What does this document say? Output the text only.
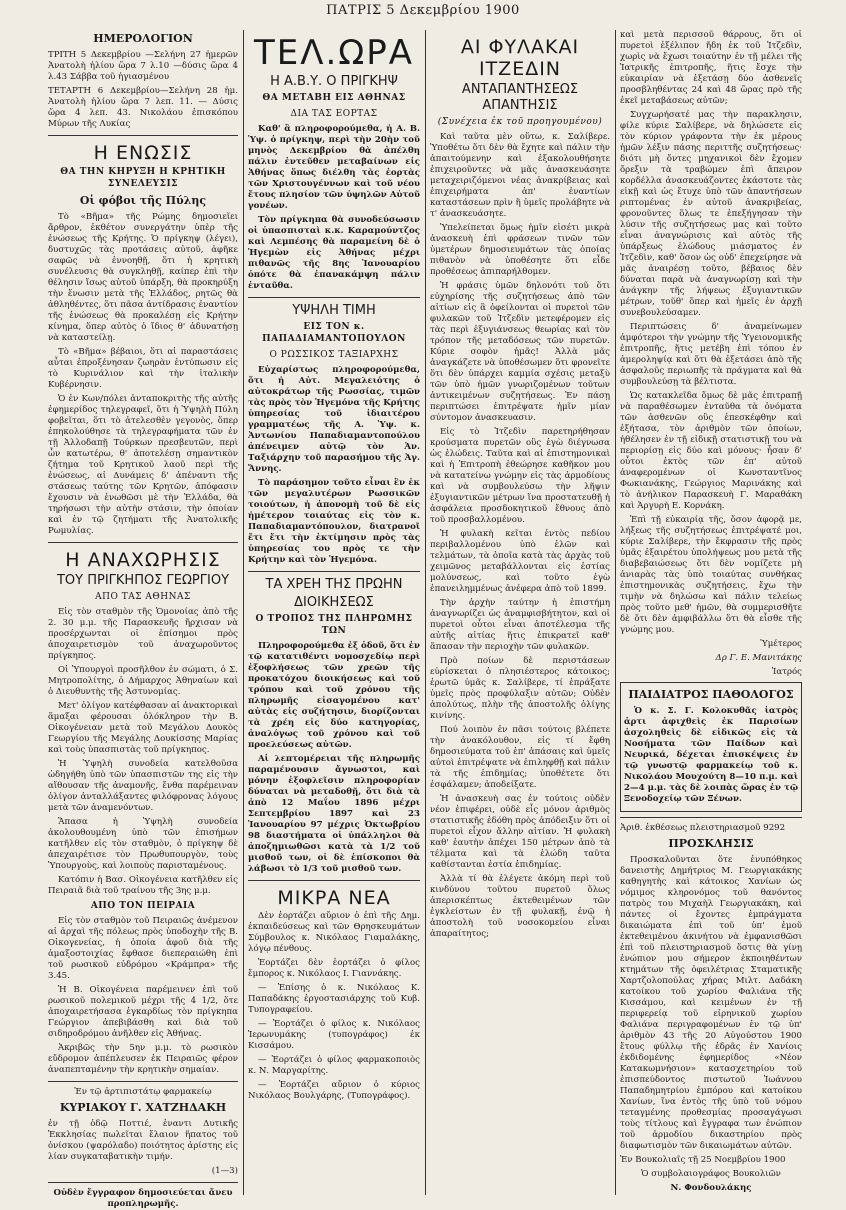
ΠΑΤΡΙΣ 5 Δεκεμβρίου 1900
ΗΜΕΡΟΛΟΓΙΟΝ

ΤΡΙΤΗ 5 Δεκεμβρίου —Σελήνη 27 ἡμερῶν Ἀνατολὴ ἡλίου ὥρα 7 λ.10 —δύσις ὥρα 4 λ.43 Σάββα τοῦ ἡγιασμένου

ΤΕΤΑΡΤΗ 6 Δεκεμβρίου—Σελήνη 28 ἡμ. Ἀνατολὴ ἡλίου ὥρα 7 λεπ. 11. — Δύσις ὥρα 4 λεπ. 43. Νικολάου ἐπισκόπου Μύρων τῆς Λυκίας

Η ΕΝΩΣΙΣ
ΘΑ ΤΗΝ ΚΗΡΥΞΗ Η ΚΡΗΤΙΚΗ ΣΥΝΕΛΕΥΣΙΣ
Οἱ φόβοι τῆς Πύλης

Τὸ «Βῆμα» τῆς Ρώμης δημοσιεῖει ἄρθρον, ἐκθέτον συνεργάτην ὑπὲρ τῆς ἑνώσεως τῆς Κρήτης. Ὁ πρίγκηψ (λέγει), δυστυχῶς τὰς προτάσεις αὐτοῦ, ἀφῆκε σαφῶς νὰ ἐννοηθῇ, ὅτι ἡ κρητικὴ συνέλευσις θὰ συγκληθῇ, καίπερ ἐπὶ τὴν θέλησιν ἴσως αὐτοῦ ὑπάρξη, θὰ προκηρύξη τὴν ἕνωσιν μετὰ τῆς Ἑλλάδος, ρητῶς θὰ ἀθληθέντες, ὅτι πᾶσα ἀντίδρασις ἐναντίον τῆς ἑνώσεως θὰ προκαλέσῃ εἰς Κρήτην κίνημα, ὅπερ αὐτὸς ὁ ἴδιος θ' ἀδυνατήσῃ νὰ καταστείλῃ.

Τὸ «Βῆμα» βέβαιοι, ὅτι αἱ παραστάσεις αὗται ἐπροξένησαν ζωηρὰν ἐντύπωσιν εἰς τὸ Κυρινάλιον καὶ τὴν ἰταλικὴν Κυβέρνησιν.

Ὁ ἐν Κων/πόλει ἀνταποκριτὴς τῆς αὐτῆς ἐφημερίδος τηλεγραφεῖ, ὅτι ἡ Ὑψηλὴ Πύλη φοβεῖται, ὅτι τὸ ἀτελεσθὲν γεγονὸς, ὅπερ ἐπηκολούθησε τὰ τηλεγραφήματα τῶν ἐν τῇ Ἀλλοδαπῇ Τούρκων πρεσβευτῶν, περὶ ὧν κατωτέρω, θ' ἀποτελέσῃ σημαντικὸν ζήτημα τοῦ Κρητικοῦ λαοῦ περὶ τῆς ἑνώσεως, αἱ Δυνάμεις δ' ἀπέναντι τῆς στάσεως ταύτης τῶν Κρητῶν, ἀπόφασιν ἔχουσιν νὰ ἑνωθῶσι μὲ τὴν Ἑλλάδα, θὰ τηρήσωσι τὴν αὐτὴν στάσιν, τὴν ὁποίαν καὶ ἐν τῷ ζητήματι τῆς Ἀνατολικῆς Ρωμυλίας.

Η ΑΝΑΧΩΡΗΣΙΣ
ΤΟΥ ΠΡΙΓΚΗΠΟΣ ΓΕΩΡΓΙΟΥ
ΑΠΟ ΤΑΣ ΑΘΗΝΑΣ

Εἰς τὸν σταθμὸν τῆς Ὁμονοίας ἀπὸ τῆς 2. 30 μ.μ. τῆς Παρασκευῆς ἤρχισαν νὰ προσέρχωνται οἱ ἐπίσημοι πρὸς ἀποχαιρετισμὸν τοῦ ἀναχωροῦντος πρίγκηπος.

Οἱ Ὑπουργοὶ προσῆλθον ἐν σώματι, ὁ Σ. Μητροπολίτης, ὁ Δήμαρχος Ἀθηναίων καὶ ὁ Διευθυντὴς τῆς Ἀστυνομίας.

Μετ' ὀλίγον κατέφθασαν αἱ ἀνακτορικαὶ ἅμαξαι φέρουσαι ὁλόκληρον τὴν Β. Οἰκογένειαν μετὰ τοῦ Μεγάλου Δουκὸς Γεωργίου τῆς Μεγάλης Δουκίσσης Μαρίας καὶ τοὺς ὑπασπιστὰς τοῦ πρίγκηπος.

Ἡ Ὑψηλὴ συνοδεία κατελθοῦσα ὡδηγήθη ὑπὸ τῶν ὑπασπιστῶν της εἰς τὴν αἴθουσαν τῆς ἀναμονῆς, ἔνθα παρέμειναν ὀλίγον ἀνταλλάξαντες φιλόφρονας λόγους μετὰ τῶν ἀναμενόντων.

Ἅπασα ἡ Ὑψηλὴ συνοδεία ἀκολουθουμένη ὑπὸ τῶν ἐπισήμων κατῆλθεν εἰς τὸν σταθμὸν, ὁ πρίγκηψ δὲ ἀπεχαιρέτισε τὸν Πρωθυπουργὸν, τοὺς Ὑπουργοὺς, καὶ λοιποὺς παρισταμένους.

Κατόπιν ἡ Βασ. Οἰκογένεια κατῆλθεν εἰς Πειραιᾶ διὰ τοῦ τραίνου τῆς 3ης μ.μ.

ΑΠΟ ΤΟΝ ΠΕΙΡΑΙΑ

Εἰς τὸν σταθμὸν τοῦ Πειραιῶς ἀνέμενον αἱ ἀρχαὶ τῆς πόλεως πρὸς ὑποδοχὴν τῆς Β. Οἰκογενείας, ἡ ὁποία ἀφοῦ διὰ τῆς ἁμαξοστοιχίας ἔφθασε διεπεραιώθη ἐπὶ τοῦ ρωσικοῦ εὐδρόμου «Κράμπρα» τῆς 3.45.

Ἡ Β. Οἰκογένεια παρέμεινεν ἐπὶ τοῦ ρωσικοῦ πολεμικοῦ μέχρι τῆς 4 1/2, ὅτε ἀποχαιρετήσασα ἐγκαρδίως τὸν πρίγκηπα Γεώργιον ἀπεβιβάσθη καὶ διὰ τοῦ σιδηροδρόμου ἀνῆλθεν εἰς Ἀθήνας.

Ἀκριβῶς τὴν 5ην μ.μ. τὸ ρωσικὸν εὔδρομον ἀπέπλευσεν ἐκ Πειραιῶς φέρον ἀναπεπταμένην τὴν κρητικὴν σημαίαν.

Ἐν τῷ ἀρτιπιστάτῳ φαρμακείῳ

ΚΥΡΙΑΚΟΥ Γ. ΧΑΤΖΗΔΑΚΗ

ἐν τῇ ὁδῷ Ποττιέ, ἐναντι Δυτικῆς Ἐκκλησίας πωλεῖται ἔλαιον ἥπατος τοῦ ὀνίσκου (ψαρόλαδο) ποιότητος ἀρίστης εἰς λίαν συγκαταβατικὴν τιμήν.

(1—3)

Οὐδὲν ἔγγραφον δημοσιεύεται ἄνευ προπληρωμῆς.

ΤΕΛ.ΩΡΑ
Η Α.Β.Υ. Ο ΠΡΙΓΚΗΨ
ΘΑ ΜΕΤΑΒΗ ΕΙΣ ΑΘΗΝΑΣ
ΔΙΑ ΤΑΣ ΕΟΡΤΑΣ

Καθ' ἃ πληροφορούμεθα, ἡ Α. Β. Ὑψ. ὁ πρίγκηψ, περὶ τὴν 20ὴν τοῦ μηνὸς Δεκεμβρίου θὰ ἀπέλθη πάλιν ἐντεῦθεν μεταβαίνων εἰς Ἀθήνας ὅπως διέλθη τὰς ἑορτὰς τῶν Χριστουγέννων καὶ τοῦ νέου ἔτους πλησίον τῶν ὑψηλῶν Αὐτοῦ γονέων.

Τὸν πρίγκηπα θὰ συνοδεύσωσιν οἱ ὑπασπισταὶ κ.κ. Καραμούντζος καὶ Λεμπέσης θὰ παραμείνη δὲ ὁ Ἡγεμὼν εἰς Ἀθήνας μέχρι πιθανῶς τῆς 8ης Ἰανουαρίου ὁπότε θὰ ἐπανακάμψη πάλιν ἐνταῦθα.

ΥΨΗΛΗ ΤΙΜΗ
ΕΙΣ ΤΟΝ κ. ΠΑΠΑΔΙΑΜΑΝΤΟΠΟΥΛΟΝ
Ο ΡΩΣΣΙΚΟΣ ΤΑΞΙΑΡΧΗΣ

Εὐχαρίστως πληροφορούμεθα, ὅτι ἡ Αὐτ. Μεγαλειότης ὁ αὐτοκράτωρ τῆς Ρωσσίας, τιμῶν τὰς πρὸς τὸν Ἡγεμόνα τῆς Κρήτης ὑπηρεσίας τοῦ ἰδιαιτέρου γραμματέως τῆς Α. Ὑψ. κ. Ἀντωνίου Παπαδιαμαντοπούλου ἀπένειμεν αὐτῷ τὸν Ἀν. Ταξιάρχην τοῦ παρασήμου τῆς Ἁγ. Ἄννης.

Τὸ παράσημον τοῦτο εἶναι ἓν ἐκ τῶν μεγαλυτέρων Ρωσσικῶν τοιούτων, ἡ ἀπονομὴ τοῦ δὲ εἰς ἡμέτερον τοιαύτας εἰς τὸν κ. Παπαδιαμαντόπουλον, διατρανοῖ ἔτι ἔτι τὴν ἐκτίμησιν πρὸς τὰς ὑπηρεσίας του πρὸς τε τὴν Κρήτην καὶ τὸν Ἡγεμόνα.

ΤΑ ΧΡΕΗ ΤΗΣ ΠΡΩΗΝ
ΔΙΟΙΚΗΣΕΩΣ
Ο ΤΡΟΠΟΣ ΤΗΣ ΠΛΗΡΩΜΗΣ ΤΩΝ

Πληροφορούμεθα ἐξ ὁδοῦ, ὅτι ἐν τῷ κατατιθέντι νομοσχεδίῳ περὶ ἐξοφλήσεως τῶν χρεῶν τῆς προκατόχου διοικήσεως καὶ τοῦ τρόπου καὶ τοῦ χρόνου τῆς πληρωμῆς εἰσαγομένου κατ' αὐτὰς εἰς συζήτησιν, διορίζονται τὰ χρέη εἰς δύο κατηγορίας, ἀναλόγως τοῦ χρόνου καὶ τοῦ προελεύσεως αὐτῶν.

Αἱ λεπτομέρειαι τῆς πληρωμῆς παραμένουσιν ἄγνωστοι, καὶ μόνην ἐξοφλεῖσιν πληροφορίαν δύναται νὰ μεταδοθῇ, ὅτι διὰ τὰ ἀπὸ 12 Μαΐου 1896 μέχρι Σεπτεμβρίου 1897 καὶ 23 Ἰανουαρίου 97 μέχρις Ὀκτωβρίου 98 διαστήματα οἱ ὑπάλληλοι θὰ ἀποζημιωθῶσι κατὰ τὰ 1/2 τοῦ μισθοῦ των, οἱ δὲ ἐπίσκοποι θὰ λάβωσι τὸ 1/3 τοῦ μισθοῦ των.

ΜΙΚΡΑ ΝΕΑ

Δὲν ἑορτάζει αὔριον ὁ ἐπὶ τῆς Δημ. ἐκπαιδεύσεως καὶ τῶν Θρησκευμάτων Σύμβουλος κ. Νικόλαος Γιαμαλάκης, λόγῳ πένθους.

Ἑορτάζει δὲν ἑορτάζει ὁ φίλος ἔμπορος κ. Νικόλαος Ι. Γιαννάκης.

— Ἑπίσης ὁ κ. Νικόλαος Κ. Παπαδάκης ἐργοστασιάρχης τοῦ Κυβ. Τυπογραφείου.

— Ἑορτάζει ὁ φίλος κ. Νικόλαος Ἱερωνυμάκης (τυπογράφος) ἐκ Κισσάμου.

— Ἑορτάζει ὁ φίλος φαρμακοποιὸς κ. Ν. Μαργαρίτης.

— Ἑορτάζει αὔριον ὁ κύριος Νικόλαος Βουλγάρης, (Τυπογράφος).

ΑΙ ΦΥΛΑΚΑΙ ΙΤΖΕΔΙΝ
ΑΝΤΑΠΑΝΤΗΣΕΩΣ ΑΠΑΝΤΗΣΙΣ
(Συνέχεια ἐκ τοῦ προηγουμένου)

Καὶ ταῦτα μὲν οὕτω, κ. Σαλίβερε. Ὑποθέτω ὅτι δὲν θὰ ἔχητε καὶ πάλιν τὴν ἀπαιτούμενην καὶ ἐξακολουθήσητε ἐπιχειροῦντες νὰ μᾶς ἀνασκευάσητε μεταχειριζόμενοι νέας ἀνακρίβειας καὶ ἐπιχειρήματα ἀπ' ἐναντίων καταστάσεων πρὶν ἢ ὑμεῖς προλάβητε νὰ τ' ἀνασκευάσητε.

Ὑπελείπεται ὅμως ἡμῖν εἰσέτι μικρὰ ἀνασκευὴ ἐπὶ φράσεων τινῶν τῶν ὑμετέρων δημοσιευμάτων τὰς ὁποίας πιθανὸν νὰ ὑποθέσητε ὅτι εἶδε προθέσεως ἀπιπαρήλθομεν.

Ἡ φράσις ὑμῶν δηλονότι τοῦ ὅτι εὐχηρίσης τῆς συζητήσεως ἀπὸ τῶν αἰτίων εἰς ἃ ὀφείλονται οἱ πυρετοὶ τῶν φυλακῶν τοῦ Ἰτζεδὶν μετεφέρομεν εἰς τὰς περὶ ἐξυγιάνσεως θεωρίας καὶ τὸν τρόπον τῆς μεταδόσεως τῶν πυρετῶν. Κύριε σοφὸν ἡμᾶς! Ἀλλὰ μᾶς ἀναγκάζετε νὰ ὑποθέσωμεν ὅτι φρονεῖτε ὅτι δὲν ὑπάρχει καμμία σχέσις μεταξὺ τῶν ὑπὸ ἡμῶν γνωριζομένων τοῦτων ἀντικειμένων συζητήσεως. Ἐν πάσῃ περιπτώσει ἐπιτρέψατε ἡμῖν μίαν σύντομον ἀνασκευασιν.

Εἰς τὸ Ἰτζεδὶν παρετηρήθησαν κρούσματα πυρετῶν οὓς ἐγὼ διέγνωσα ὡς ἑλώδεις. Ταῦτα καὶ αἱ ἐπιστημονικαὶ καὶ ἡ Ἐπιτροπὴ ἐθεώρησε καθῆκον μου νὰ κατατείνω γνώμην εἰς τὰς ἁρμοδίους καὶ νὰ συμβουλεύσω τὴν λῆψιν ἐξυγιαντικῶν μέτρων ἵνα προστατευθῇ ἡ ἀσφάλεια προσδοκητικοῦ ἔθνους ἀπὸ τοῦ προσβαλλομένου.

Ἡ φυλακὴ κεῖται ἐντὸς πεδίου περιβαλλομένου ὑπὸ ἑλῶν καὶ τελμάτων, τὰ ὁποῖα κατὰ τὰς ἀρχὰς τοῦ χειμῶνος μεταβάλλονται εἰς ἐστίας μολύνσεως, καὶ τοῦτο ἐγὼ ἐπανειλημμένως ἀνέφερα ἀπὸ τοῦ 1899.

Τὴν ἀρχὴν ταύτην ἡ ἐπιστήμη ἀναγνωρίζει ὡς ἀναμφισβήτητον, καὶ οἱ πυρετοὶ οὗτοι εἶναι ἀποτέλεσμα τῆς αὐτῆς αἰτίας ἥτις ἐπικρατεῖ καθ' ἅπασαν τὴν περιοχὴν τῶν φυλακῶν.

Πρὸ ποίων δὲ περιστάσεων εὑρίσκεται ὁ πλησιέστερος κάτοικος; ἐρωτῶ ὑμᾶς κ. Σαλίβερε, τί ἐπράξατε ὑμεῖς πρὸς προφύλαξιν αὐτῶν; Οὐδὲν ἀπολύτως, πλὴν τῆς ἀποστολῆς ὀλίγης κινίνης.

Πού λοιπὸν ἐν πᾶσι τούτοις βλέπετε τὴν ἀνακόλουθον, εἰς τί ἔφθη δημοσιεύματα τοῦ ἐπ' ἀπάσαις καὶ ὑμεῖς αὐτοὶ ἐπιτρέψατε νὰ ἐπιληφθῇ καὶ πάλιν τὰ τῆς ἐπιδημίας; ὑποθέτετε ὅτι ἐσφάλαμεν; ἀποδείξατε.

Ἡ ἀνασκευὴ σας ἐν τούτοις οὐδὲν νέον ἐπιφέρει, οὐδὲ εἷς μόνον ἀριθμὸς στατιστικῆς ἐδόθη πρὸς ἀπόδειξιν ὅτι οἱ πυρετοὶ εἶχον ἄλλην αἰτίαν. Ἡ φυλακὴ καθ' ἑαυτὴν ἀπέχει 150 μέτρων ἀπὸ τὰ τέλματα καὶ τὰ ἐλώδη ταῦτα καθίστανται ἐστία ἐπιδημίας.

Ἀλλὰ τί θὰ ἐλέγετε ἀκόμη περὶ τοῦ κινδύνου τοῦτου πυρετοῦ ὅλως ἀπερισκέπτως ἐκτεθειμένων τῶν ἐγκλείστων ἐν τῇ φυλακῇ, ἐνῷ ἡ ἀποστολὴ τοῦ νοσοκομείου εἶναι ἀπαραίτητος;

καὶ μετὰ περισσοῦ θάρρους, ὅτι οἱ πυρετοὶ ἐξέλιπον ἤδη ἐκ τοῦ Ἰτζεδὶν, χωρὶς νὰ ἔχωσι τοιαύτην ἐν τῇ μέλει τῆς Ἰατρικῆς ἐπιτροπῆς, ἥτις ἔσχε τὴν εὐκαιρίαν νὰ ἐξετάσῃ δύο ἀσθενεῖς προσβληθέντας 24 καὶ 48 ὥρας πρὸ τῆς ἐκεῖ μεταβάσεως αὐτῶν;

Συγχωρήσατέ μας τὴν παρακλησιν, φίλε κύριε Σαλίβερε, νὰ δηλώσετε εἰς τὸν κύριον γράφοντα τὴν ἐκ μέρους ἡμῶν λέξιν πάσης περιττῆς συζητήσεως· διότι μὴ ὄντες μηχανικοὶ δὲν ἔχομεν ὄρεξιν τὰ τραβώμεν ἐπὶ ἄπειρον κορδέλλα ἀνασκευάζοντες ἑκάστοτε τὰς εἰκῇ καὶ ὡς ἔτυχε ὑπὸ τῶν ἀπαντήσεων ριπτομένας ἐν αὐτοῦ ἀνακριβείας, φρονοῦντες ὅλως τε ἐπεξήγησαν τὴν λύσιν τῆς συζητήσεως μας καὶ τοῦτο εἶναι ἀναγνώρισις καὶ αὐτὸς τῆς ὑπάρξεως ἑλώδους μιάσματος ἐν Ἰτζεδὶν, καθ' ὅσον ὡς οὐδ' ἐπεχείρησε νὰ μᾶς ἀναιρέσῃ τοῦτο, βέβαιος δὲν δύναται παρὰ νὰ ἀναγνωρίσῃ καὶ τὴν ἀνάγκην τῆς λήψεως ἐξυγιαντικῶν μέτρων, τοῦθ' ὅπερ καὶ ἡμεῖς ἐν ἀρχῇ συνεβουλεύσαμεν.

Περιπτώσεις δ' ἀναμείνωμεν ἀμφότεροι τὴν γνώμην τῆς Ὑγειονομικῆς ἐπιτροπῆς, ἥτις μετέβη ἐπὶ τόπου ἐν ἀμεροληψίᾳ καὶ ὅτι θὰ ἐξετάσει ἀπὸ τῆς ἀσφαλοῦς περιωπῆς τὰ πράγματα καὶ θὰ συμβουλεύσῃ τὰ βέλτιστα.

Ὡς κατακλεῖδα ὅμως δὲ μᾶς ἐπιτραπῇ νὰ παραθέσωμεν ἐνταῦθα τὰ ὀνόματα τῶν ἀσθενῶν οὓς ἐπεσκέφθην καὶ ἐξήτασα, τὸν ἀριθμὸν τῶν ὁποίων, ἠθέλησεν ἐν τῇ εἰδικῇ στατιστικῇ του νὰ περιορίσῃ εἰς δύο καὶ μόνους· ἦσαν δ' οὗτοι ἐκτὸς τῶν ἐπ' αὐτοῦ ἀναφερομένων οἱ Κωνσταντῖνος Φωκιανάκης, Γεώργιος Μαρινάκης καὶ τὸ ἀνήλικον Παρασκευὴ Γ. Μαραθάκη καὶ Ἀργυρὴ Ε. Κορνάκη.

Ἐπὶ τῇ εὐκαιρίᾳ τῆς, ὅσον ἀφορᾷ με, λήξεως τῆς συζητήσεως ἐπιτρέψατέ μοι, κύριε Σαλίβερε, τὴν ἔκφρασιν τῆς πρὸς ὑμᾶς ἐξαιρέτου ὑπολήψεως μου μετὰ τῆς διαβεβαιώσεως ὅτι δὲν νομίζετε μὴ ἀνιαρὰς τὰς ὑπὸ τοιαύτας συνθήκας ἐπιστημονικὰς συζητήσεις, ἔχω τὴν τιμὴν νὰ δηλώσω καὶ πάλιν τελείως πρὸς τοῦτο μεθ' ἡμῶν, θὰ συμμερισθῆτε δὲ ὅτι δὲν ἀμφιβάλλω ὅτι θὰ εἶσθε τῆς γνώμης μου.

Ὑμέτερος

Δρ Γ. Ε. Μανιτάκης

Ἰατρός

ΠΑΙΔΙΑΤΡΟΣ ΠΑΘΟΛΟΓΟΣ

Ὁ κ. Σ. Γ. Κολοκυθᾶς ἰατρὸς ἀρτι ἀφιχθεὶς ἐκ Παρισίων ἀσχοληθεὶς δὲ εἰδικῶς εἰς τὰ Νοσήματα τῶν Παίδων καὶ Νευρικά, δέχεται ἐπισκέψεις ἐν τῷ γνωστῷ φαρμακείῳ τοῦ κ. Νικολάου Μουχούτη 8—10 π.μ. καὶ 2—4 μ.μ. τὰς δὲ λοιπὰς ὥρας ἐν τῷ Ξενοδοχείῳ τῶν Ξένων.

Ἀριθ. ἐκθέσεως πλειστηριασμοῦ 9292

ΠΡΟΣΚΛΗΣΙΣ

Προσκαλοῦνται ὅτε ἐνυπόθηκος δανειστὴς Δημήτριος Μ. Γεωργιακάκης καθηγητὴς καὶ κάτοικος Χανίων ὡς νόμιμος κληρονόμος τοῦ θανόντος πατρὸς του Μιχαὴλ Γεωργιακάκη, καὶ πάντες οἱ ἔχοντες ἐμπράγματα δικαιώματα ἐπὶ τοῦ ὑπ' ἐμοῦ ἐκτεθειμένου ἀκινήτου νὰ ἐμφανισθῶσι ἐπὶ τοῦ πλειστηριασμοῦ ὅστις θὰ γίνῃ ἐνώπιον μου σήμερον ἐκποιηθέντων κτημάτων τῆς ὀφειλέτριας Σταματικῆς Χαρτζολοπούλας χήρας Μιλτ. Δαδάκη κατοίκου τοῦ χωρίου Φαλιάνα τῆς Κισσάμου, καὶ κειμένων ἐν τῇ περιφερείᾳ τοῦ εἰρηνικοῦ χωρίου Φαλιάνα περιγραφομένων ἐν τῷ ὑπ' ἀριθμὸν 43 τῆς 20 Αὐγούστου 1900 ἔτους φύλλῳ τῆς ἐδρᾶς ἐν Χανίοις ἐκδιδομένης ἐφημερίδος «Νέον Κατακωμνήσιον» κατασχετηρίου τοῦ ἐπισπεύδοντος πιστωτοῦ Ἰωάννου Παπαδημητρίου ἐμπόρου καὶ κατοίκου Χανίων, ἵνα ἐντὸς τῆς ὑπὸ τοῦ νόμου τεταγμένης προθεσμίας προσαγάγωσι τοὺς τίτλους καὶ ἔγγραφα των ἐνώπιον τοῦ ἁρμοδίου δικαστηρίου πρὸς διαφωτισμὸν τῶν δικαιωμάτων αὐτῶν.

Ἐν Βουκολιαῖς τῇ 25 Νοεμβρίου 1900

Ὁ συμβολαιογράφος Βουκολιῶν

Ν. Φονδουλάκης
